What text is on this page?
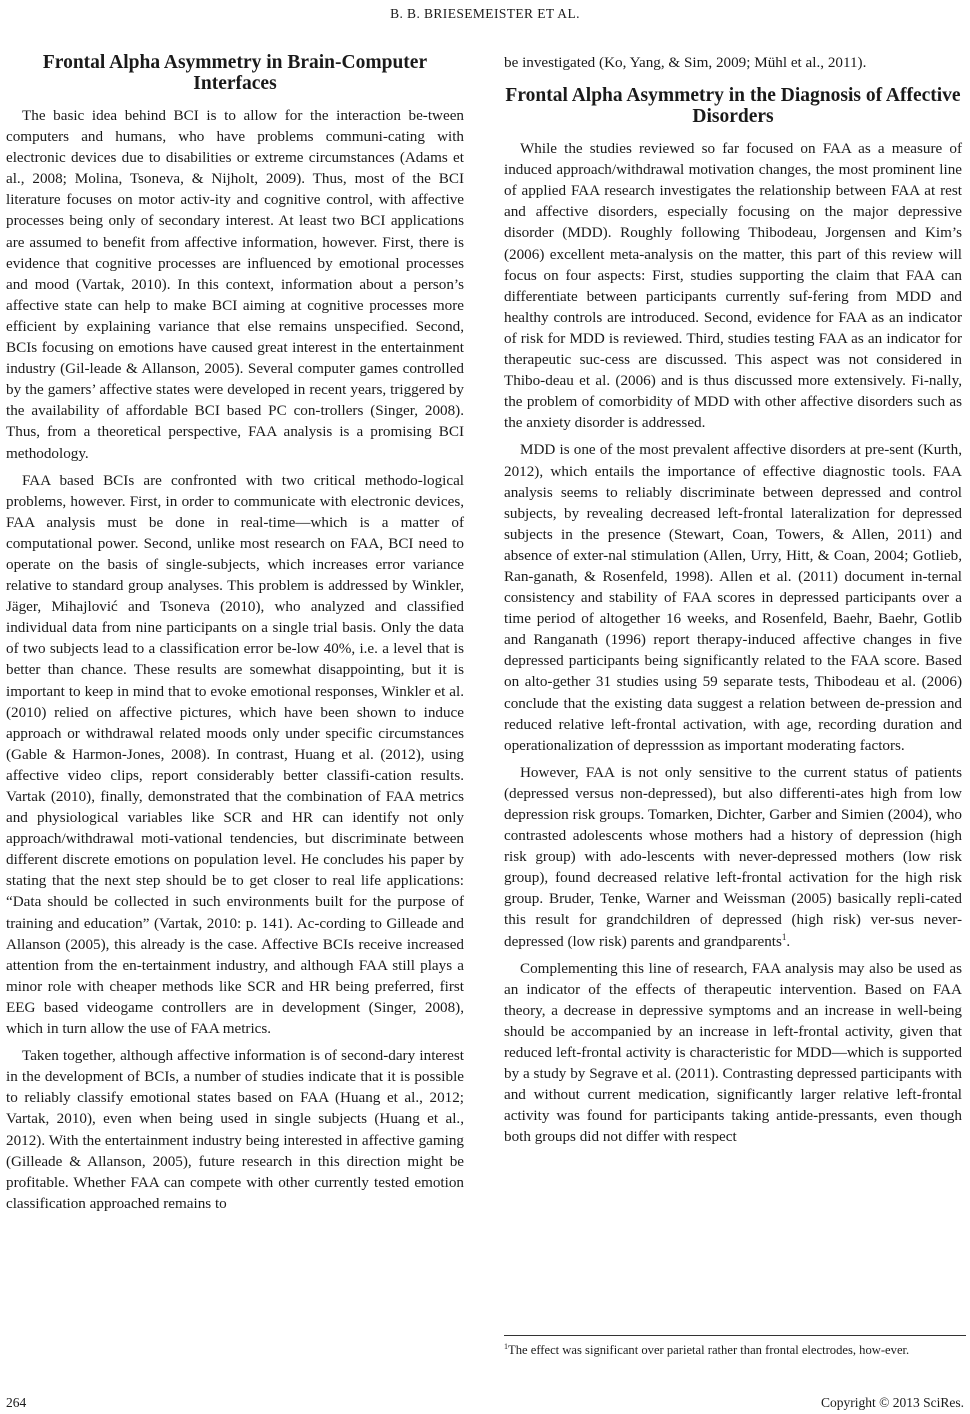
B. B. BRIESEMEISTER ET AL.
Frontal Alpha Asymmetry in Brain-Computer Interfaces

The basic idea behind BCI is to allow for the interaction be-tween computers and humans, who have problems communi-cating with electronic devices due to disabilities or extreme circumstances (Adams et al., 2008; Molina, Tsoneva, & Nijholt, 2009). Thus, most of the BCI literature focuses on motor activ-ity and cognitive control, with affective processes being only of secondary interest. At least two BCI applications are assumed to benefit from affective information, however. First, there is evidence that cognitive processes are influenced by emotional processes and mood (Vartak, 2010). In this context, information about a person’s affective state can help to make BCI aiming at cognitive processes more efficient by explaining variance that else remains unspecified. Second, BCIs focusing on emotions have caused great interest in the entertainment industry (Gil-leade & Allanson, 2005). Several computer games controlled by the gamers’ affective states were developed in recent years, triggered by the availability of affordable BCI based PC con-trollers (Singer, 2008). Thus, from a theoretical perspective, FAA analysis is a promising BCI methodology.

FAA based BCIs are confronted with two critical methodo-logical problems, however. First, in order to communicate with electronic devices, FAA analysis must be done in real-time—which is a matter of computational power. Second, unlike most research on FAA, BCI need to operate on the basis of single-subjects, which increases error variance relative to standard group analyses. This problem is addressed by Winkler, Jäger, Mihajlović and Tsoneva (2010), who analyzed and classified individual data from nine participants on a single trial basis. Only the data of two subjects lead to a classification error be-low 40%, i.e. a level that is better than chance. These results are somewhat disappointing, but it is important to keep in mind that to evoke emotional responses, Winkler et al. (2010) relied on affective pictures, which have been shown to induce approach or withdrawal related moods only under specific circumstances (Gable & Harmon-Jones, 2008). In contrast, Huang et al. (2012), using affective video clips, report considerably better classifi-cation results. Vartak (2010), finally, demonstrated that the combination of FAA metrics and physiological variables like SCR and HR can identify not only approach/withdrawal moti-vational tendencies, but discriminate between different discrete emotions on population level. He concludes his paper by stating that the next step should be to get closer to real life applications: “Data should be collected in such environments built for the purpose of training and education” (Vartak, 2010: p. 141). Ac-cording to Gilleade and Allanson (2005), this already is the case. Affective BCIs receive increased attention from the en-tertainment industry, and although FAA still plays a minor role with cheaper methods like SCR and HR being preferred, first EEG based videogame controllers are in development (Singer, 2008), which in turn allow the use of FAA metrics.

Taken together, although affective information is of second-dary interest in the development of BCIs, a number of studies indicate that it is possible to reliably classify emotional states based on FAA (Huang et al., 2012; Vartak, 2010), even when being used in single subjects (Huang et al., 2012). With the entertainment industry being interested in affective gaming (Gilleade & Allanson, 2005), future research in this direction might be profitable. Whether FAA can compete with other currently tested emotion classification approached remains to

be investigated (Ko, Yang, & Sim, 2009; Mühl et al., 2011).

Frontal Alpha Asymmetry in the Diagnosis of Affective Disorders

While the studies reviewed so far focused on FAA as a measure of induced approach/withdrawal motivation changes, the most prominent line of applied FAA research investigates the relationship between FAA at rest and affective disorders, especially focusing on the major depressive disorder (MDD). Roughly following Thibodeau, Jorgensen and Kim’s (2006) excellent meta-analysis on the matter, this part of this review will focus on four aspects: First, studies supporting the claim that FAA can differentiate between participants currently suf-fering from MDD and healthy controls are introduced. Second, evidence for FAA as an indicator of risk for MDD is reviewed. Third, studies testing FAA as an indicator for therapeutic suc-cess are discussed. This aspect was not considered in Thibo-deau et al. (2006) and is thus discussed more extensively. Fi-nally, the problem of comorbidity of MDD with other affective disorders such as the anxiety disorder is addressed.

MDD is one of the most prevalent affective disorders at pre-sent (Kurth, 2012), which entails the importance of effective diagnostic tools. FAA analysis seems to reliably discriminate between depressed and control subjects, by revealing decreased left-frontal lateralization for depressed subjects in the presence (Stewart, Coan, Towers, & Allen, 2011) and absence of exter-nal stimulation (Allen, Urry, Hitt, & Coan, 2004; Gotlieb, Ran-ganath, & Rosenfeld, 1998). Allen et al. (2011) document in-ternal consistency and stability of FAA scores in depressed participants over a time period of altogether 16 weeks, and Rosenfeld, Baehr, Baehr, Gotlib and Ranganath (1996) report therapy-induced affective changes in five depressed participants being significantly related to the FAA score. Based on alto-gether 31 studies using 59 separate tests, Thibodeau et al. (2006) conclude that the existing data suggest a relation between de-pression and reduced relative left-frontal activation, with age, recording duration and operationalization of depresssion as important moderating factors.

However, FAA is not only sensitive to the current status of patients (depressed versus non-depressed), but also differenti-ates high from low depression risk groups. Tomarken, Dichter, Garber and Simien (2004), who contrasted adolescents whose mothers had a history of depression (high risk group) with ado-lescents with never-depressed mothers (low risk group), found decreased relative left-frontal activation for the high risk group. Bruder, Tenke, Warner and Weissman (2005) basically repli-cated this result for grandchildren of depressed (high risk) ver-sus never-depressed (low risk) parents and grandparents$^1$.

Complementing this line of research, FAA analysis may also be used as an indicator of the effects of therapeutic intervention. Based on FAA theory, a decrease in depressive symptoms and an increase in well-being should be accompanied by an increase in left-frontal activity, given that reduced left-frontal activity is characteristic for MDD—which is supported by a study by Segrave et al. (2011). Contrasting depressed participants with and without current medication, significantly larger relative left-frontal activity was found for participants taking antide-pressants, even though both groups did not differ with respect

$^1$The effect was significant over parietal rather than frontal electrodes, how-ever.
264	Copyright © 2013 SciRes.
